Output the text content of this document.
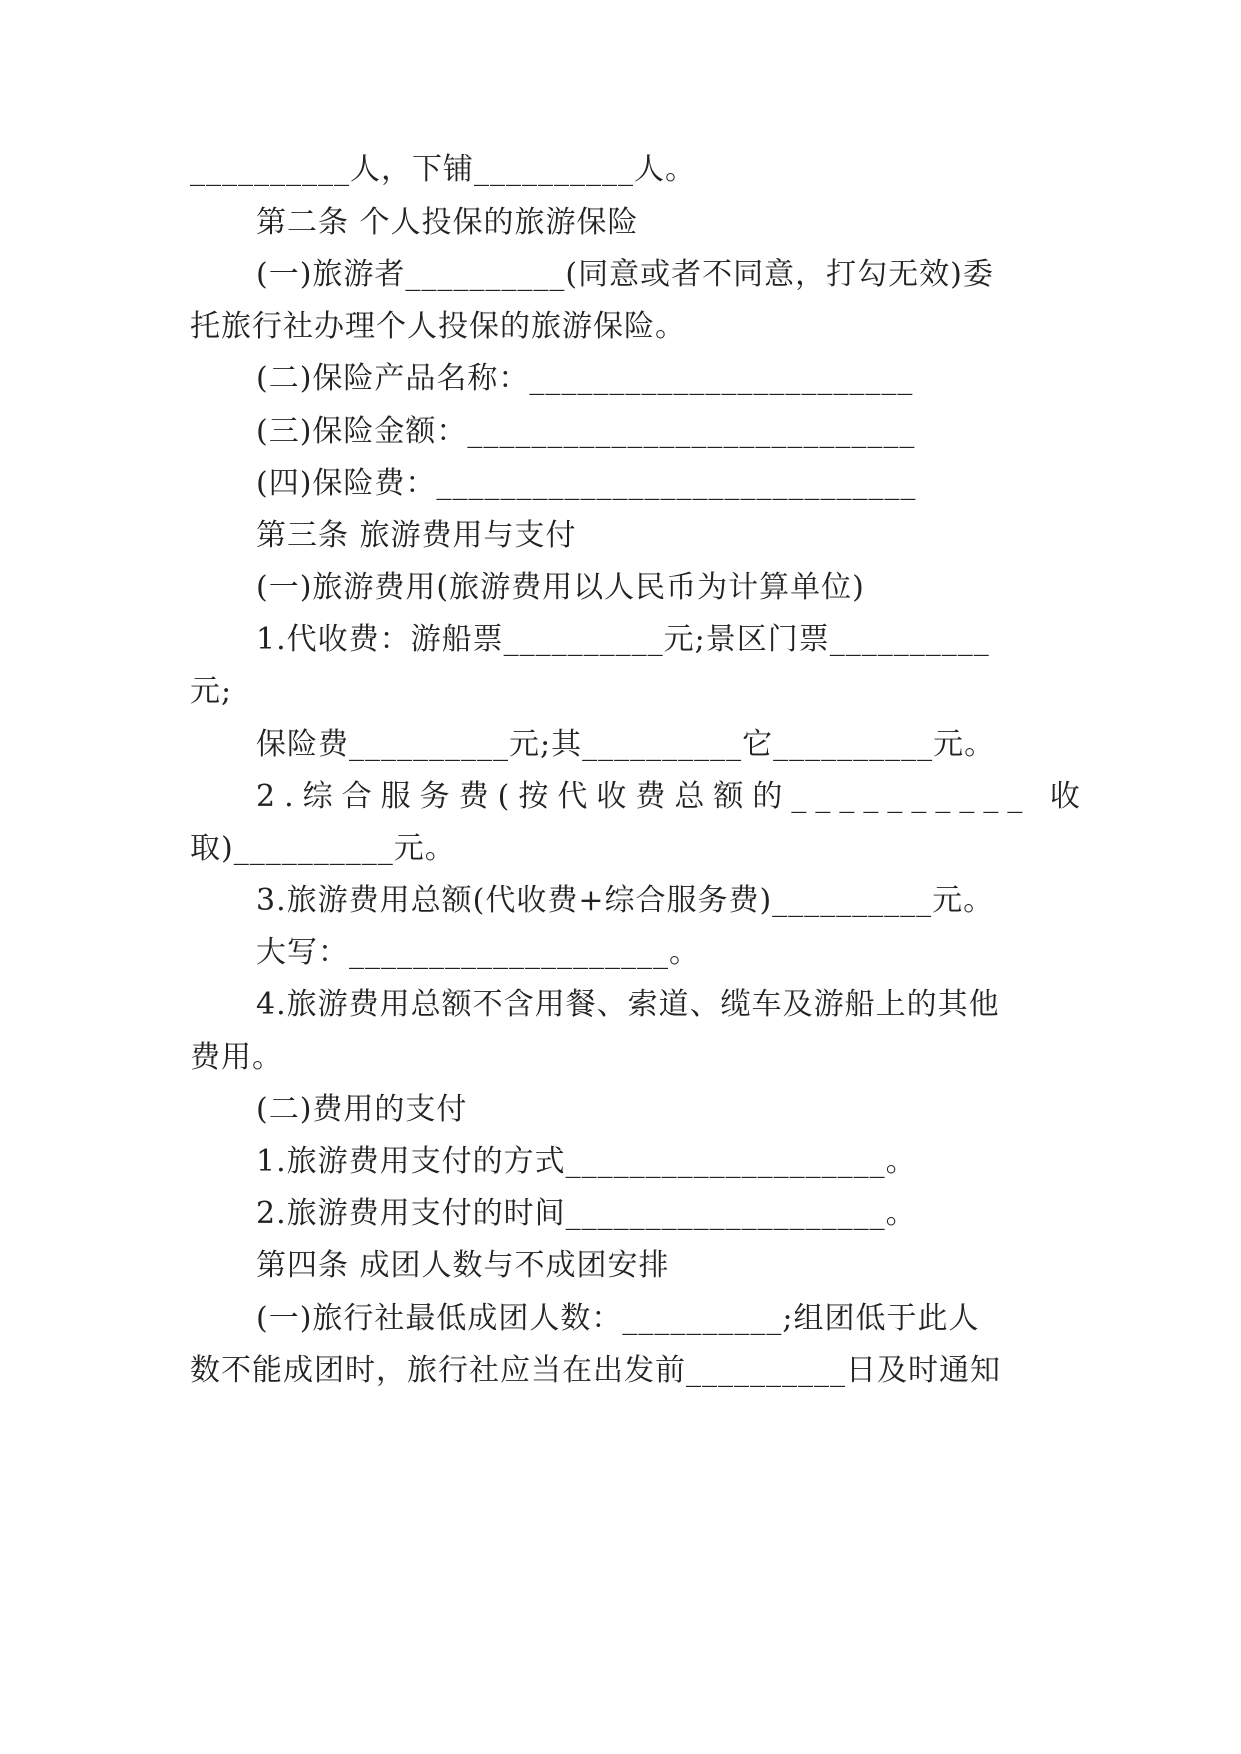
__________人，下铺__________人。
第二条 个人投保的旅游保险
(一)旅游者__________(同意或者不同意，打勾无效)委
托旅行社办理个人投保的旅游保险。
(二)保险产品名称：________________________
(三)保险金额：____________________________
(四)保险费：______________________________
第三条 旅游费用与支付
(一)旅游费用(旅游费用以人民币为计算单位)
1.代收费：游船票__________元;景区门票__________
元;
保险费__________元;其__________它__________元。
2.综合服务费(按代收费总额的__________ 收
取)__________元。
3.旅游费用总额(代收费+综合服务费)__________元。
大写：____________________。
4.旅游费用总额不含用餐、索道、缆车及游船上的其他
费用。
(二)费用的支付
1.旅游费用支付的方式____________________。
2.旅游费用支付的时间____________________。
第四条 成团人数与不成团安排
(一)旅行社最低成团人数：__________;组团低于此人
数不能成团时，旅行社应当在出发前__________日及时通知
